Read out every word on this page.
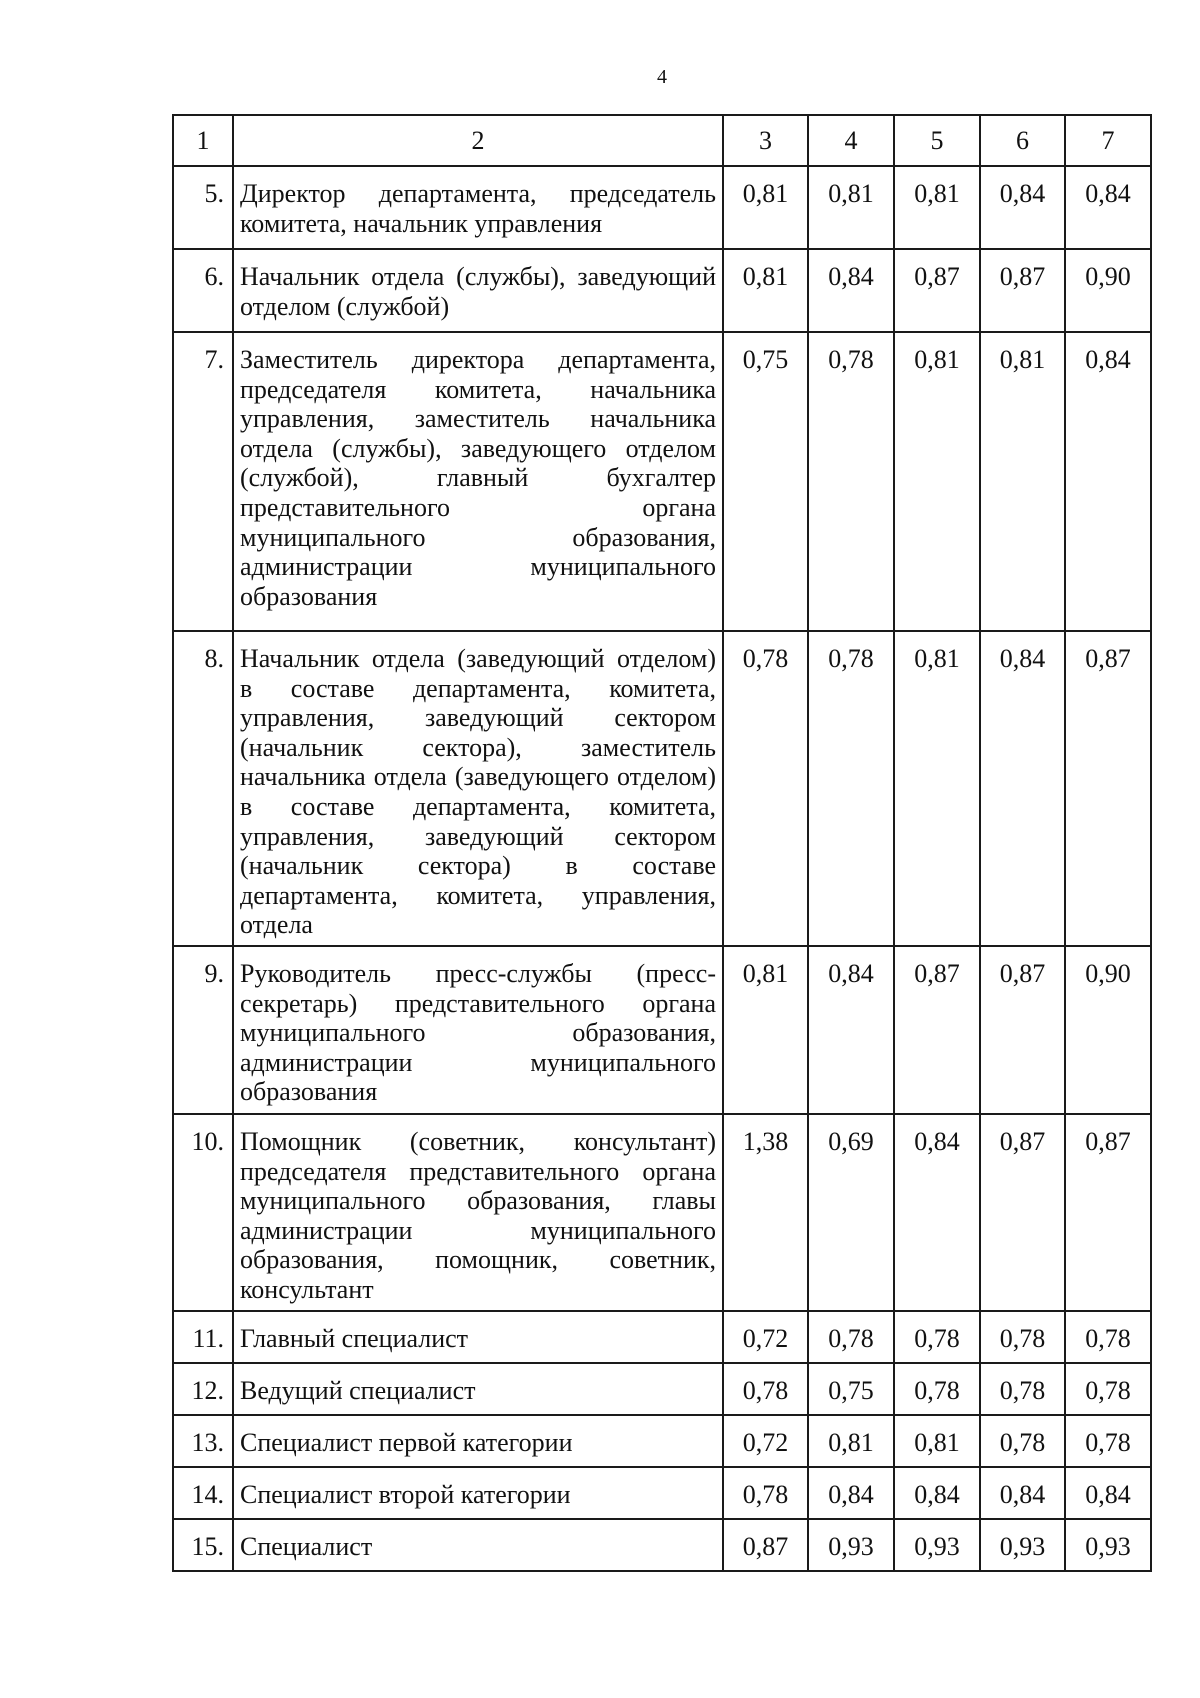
4
1	2	3	4	5	6	7
5.	Директор департамента, председатель комитета, начальник управления	0,81	0,81	0,81	0,84	0,84
6.	Начальник отдела (службы), заведующий отделом (службой)	0,81	0,84	0,87	0,87	0,90
7.	Заместитель директора департамента, председателя комитета, начальника управления, заместитель начальника отдела (службы), заведующего отделом (службой), главный бухгалтер представительного органа муниципального образования, администрации муниципального образования	0,75	0,78	0,81	0,81	0,84
8.	Начальник отдела (заведующий отделом) в составе департамента, комитета, управления, заведующий сектором (начальник сектора), заместитель начальника отдела (заведующего отделом) в составе департамента, комитета, управления, заведующий сектором (начальник сектора) в составе департамента, комитета, управления, отдела	0,78	0,78	0,81	0,84	0,87
9.	Руководитель пресс-службы (пресс-секретарь) представительного органа муниципального образования, администрации муниципального образования	0,81	0,84	0,87	0,87	0,90
10.	Помощник (советник, консультант) председателя представительного органа муниципального образования, главы администрации муниципального образования, помощник, советник, консультант	1,38	0,69	0,84	0,87	0,87
11.	Главный специалист	0,72	0,78	0,78	0,78	0,78
12.	Ведущий специалист	0,78	0,75	0,78	0,78	0,78
13.	Специалист первой категории	0,72	0,81	0,81	0,78	0,78
14.	Специалист второй категории	0,78	0,84	0,84	0,84	0,84
15.	Специалист	0,87	0,93	0,93	0,93	0,93
